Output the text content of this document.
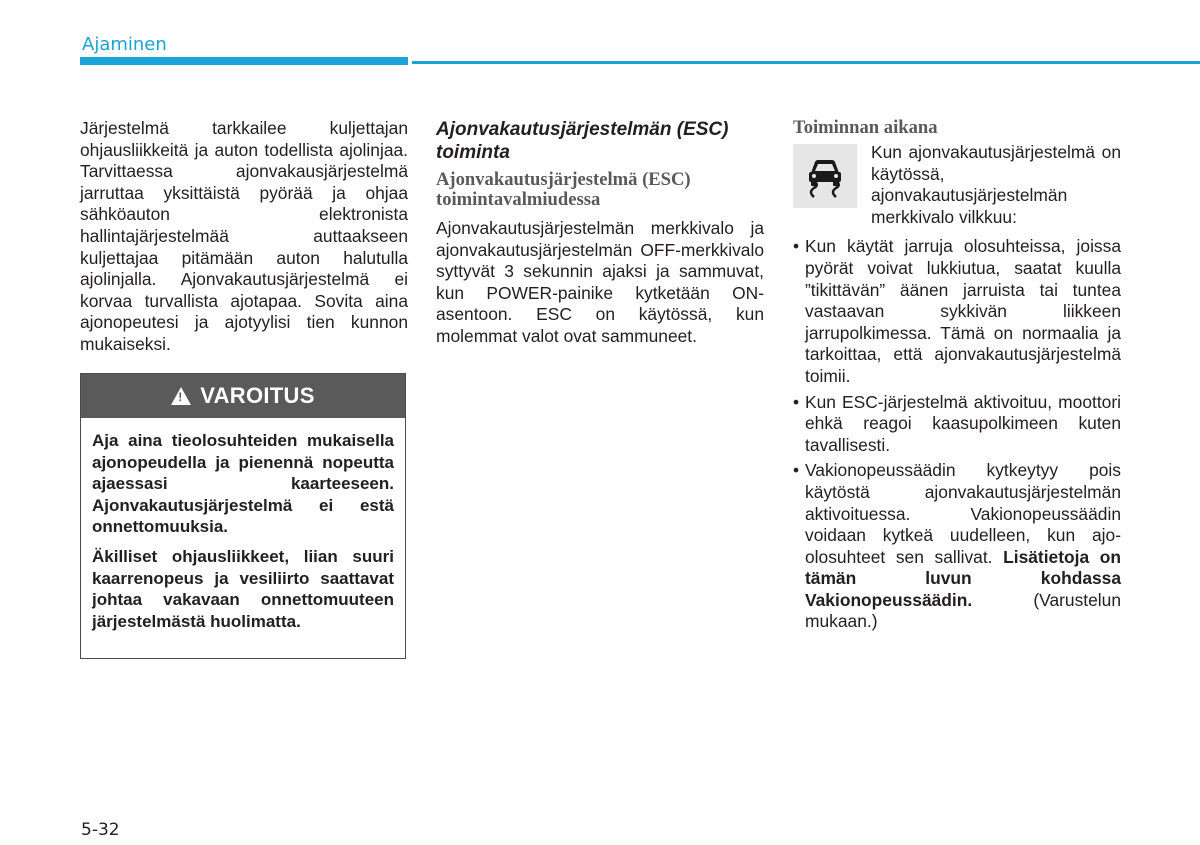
Ajaminen

Järjestelmä tarkkailee kuljettajan ohjausliikkeitä ja auton todellista ajolinjaa. Tarvittaessa ajonvakausjärjestelmä jarruttaa yksittäistä pyörää ja ohjaa sähköauton elektronista hallintajärjestelmää auttaakseen kuljettajaa pitämään auton halutulla ajolinjalla. Ajonvakautusjärjestelmä ei korvaa turvallista ajotapaa. Sovita aina ajonopeutesi ja ajotyylisi tien kunnon mukaiseksi.

! VAROITUS

Aja aina tieolosuhteiden mukaisella ajonopeudella ja pienennä nopeutta ajaessasi kaarteeseen. Ajonvakautusjärjestelmä ei estä onnettomuuksia.

Äkilliset ohjausliikkeet, liian suuri kaarrenopeus ja vesiliirto saattavat johtaa vakavaan onnettomuuteen järjestelmästä huolimatta.

Ajonvakautusjärjestelmän (ESC) toiminta

Ajonvakautusjärjestelmä (ESC) toimintavalmiudessa

Ajonvakautusjärjestelmän merkkivalo ja ajonvakautusjärjestelmän OFF-merkkivalo syttyvät 3 sekunnin ajaksi ja sammuvat, kun POWER-painike kytketään ON-asentoon. ESC on käytössä, kun molemmat valot ovat sammuneet.

Toiminnan aikana

Kun ajonvakautusjärjestelmä on käytössä, ajonvakautusjärjestelmän merkkivalo vilkkuu:

• Kun käytät jarruja olosuhteissa, joissa pyörät voivat lukkiutua, saatat kuulla ”tikittävän” äänen jarruista tai tuntea vastaavan sykkivän liikkeen jarrupolkimessa. Tämä on normaalia ja tarkoittaa, että ajonvakautusjärjestelmä toimii.
• Kun ESC-järjestelmä aktivoituu, moottori ehkä reagoi kaasupolkimeen kuten tavallisesti.
• Vakionopeussäädin kytkeytyy pois käytöstä ajonvakautusjärjestelmän aktivoituessa. Vakionopeussäädin voidaan kytkeä uudelleen, kun ajo-olosuhteet sen sallivat. Lisätietoja on tämän luvun kohdassa Vakionopeussäädin.	(Varustelun mukaan.)
5-32
